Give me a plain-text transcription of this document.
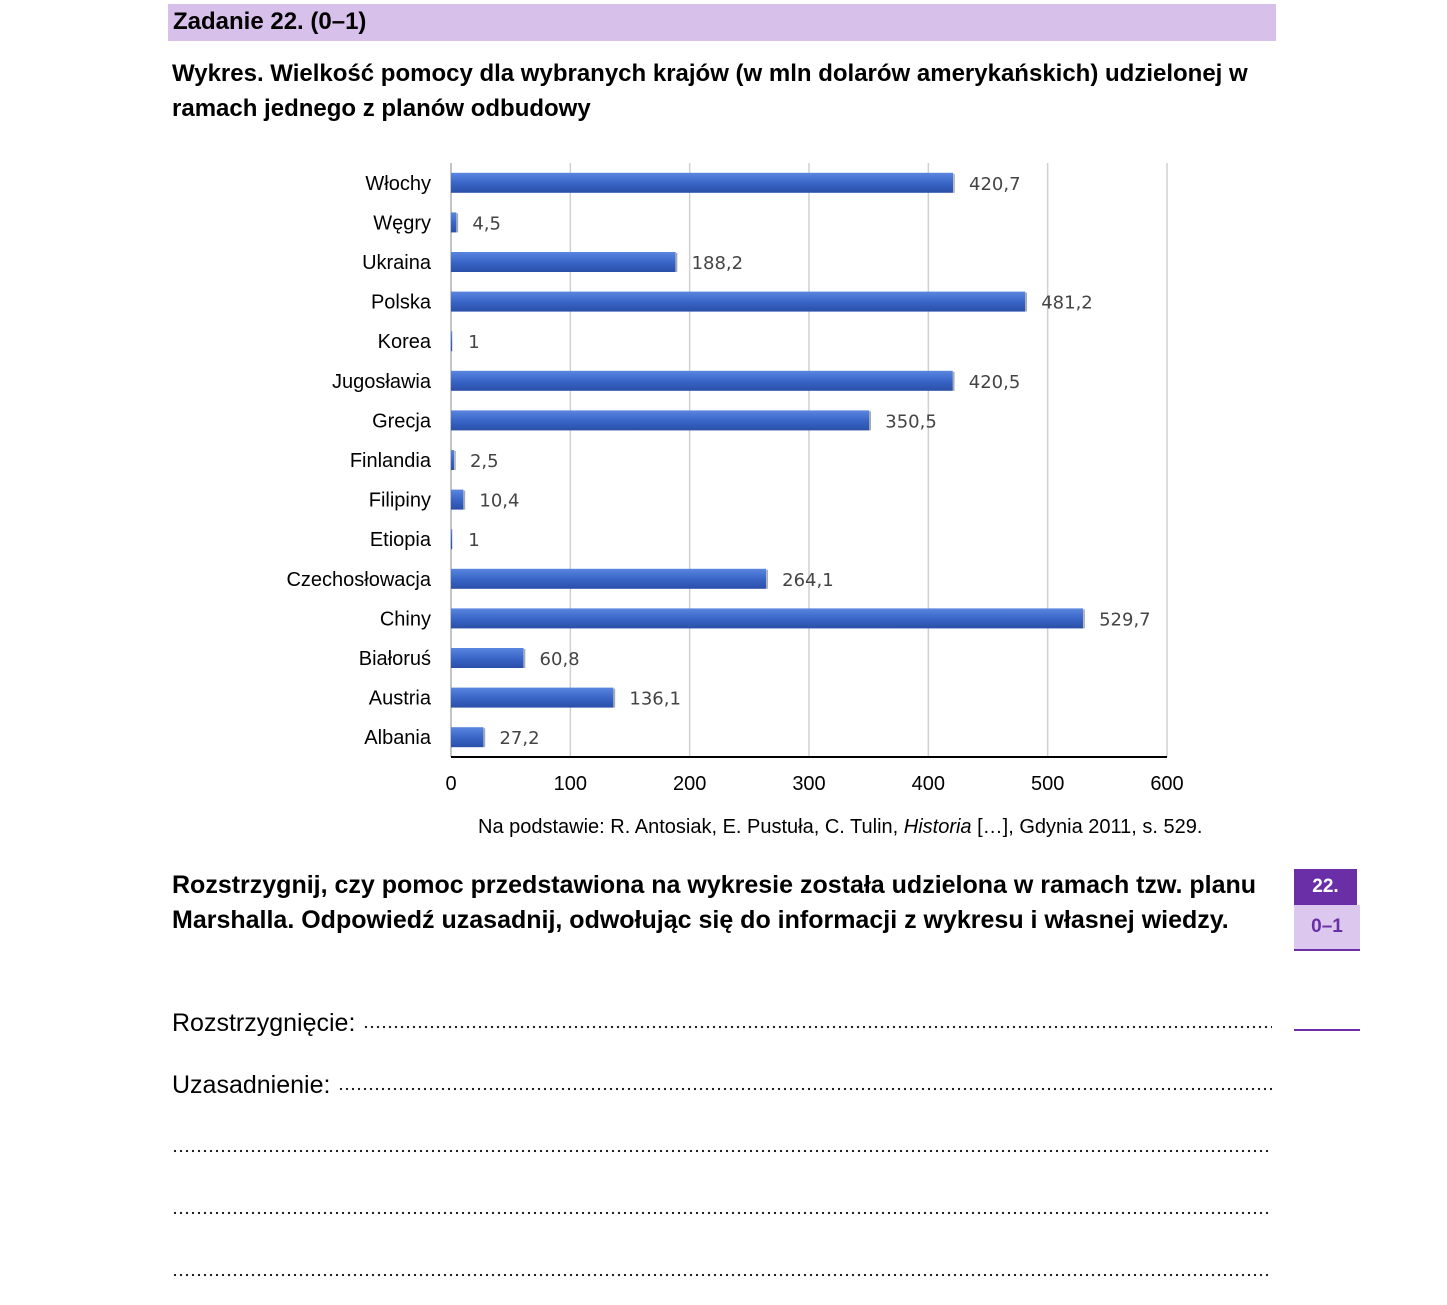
Zadanie 22. (0–1)
Wykres. Wielkość pomocy dla wybranych krajów (w mln dolarów amerykańskich) udzielonej w ramach jednego z planów odbudowy
Włochy
Węgry
Ukraina
Polska
Korea
Jugosławia
Grecja
Finlandia
Filipiny
Etiopia
Czechosłowacja
Chiny
Białoruś
Austria
Albania
420,7
4,5
188,2
481,2
1
420,5
350,5
2,5
10,4
1
264,1
529,7
60,8
136,1
27,2
0	100	200	300	400	500	600
Na podstawie: R. Antosiak, E. Pustuła, C. Tulin, Historia […], Gdynia 2011, s. 529.
Rozstrzygnij, czy pomoc przedstawiona na wykresie została udzielona w ramach tzw. planu Marshalla. Odpowiedź uzasadnij, odwołując się do informacji z wykresu i własnej wiedzy.
22.
0–1
Rozstrzygnięcie:
Uzasadnienie:
